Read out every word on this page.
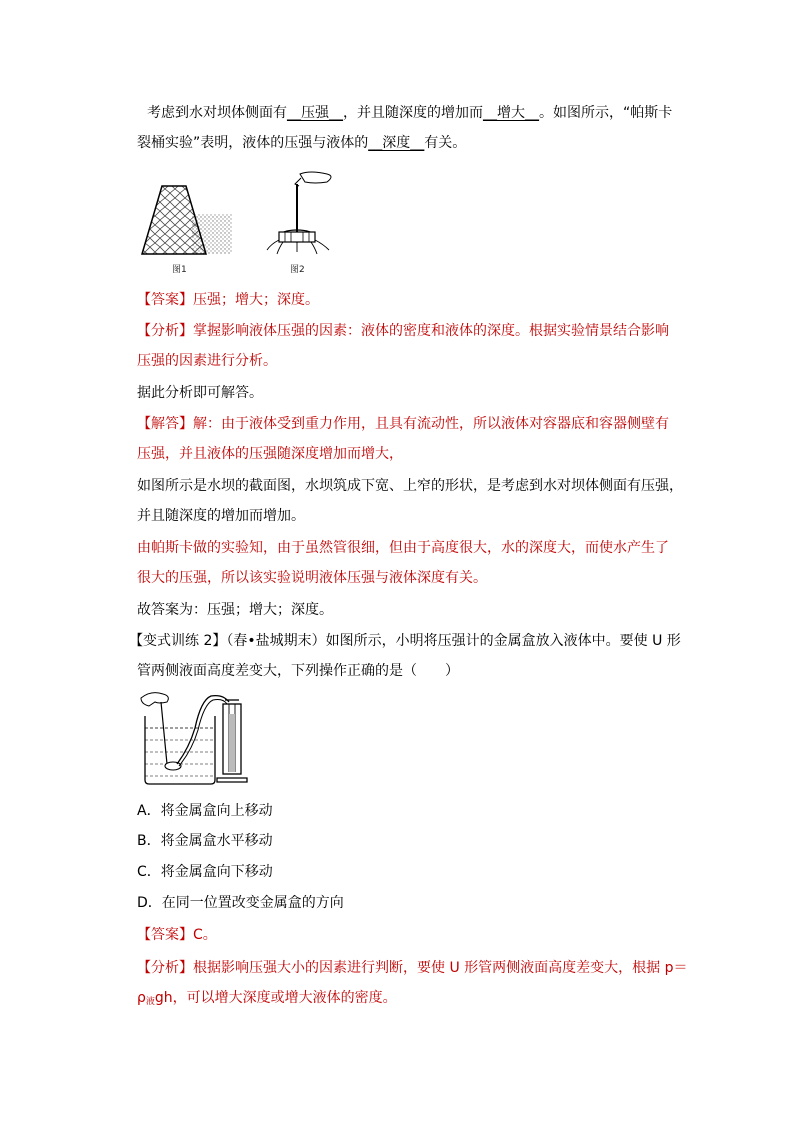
考虑到水对坝体侧面有__压强__，并且随深度的增加而__增大__。如图所示，“帕斯卡
裂桶实验”表明，液体的压强与液体的__深度__有关。
图1	图2
【答案】压强；增大；深度。
【分析】掌握影响液体压强的因素：液体的密度和液体的深度。根据实验情景结合影响
压强的因素进行分析。
据此分析即可解答。
【解答】解：由于液体受到重力作用，且具有流动性，所以液体对容器底和容器侧壁有
压强，并且液体的压强随深度增加而增大，
如图所示是水坝的截面图，水坝筑成下宽、上窄的形状，是考虑到水对坝体侧面有压强，
并且随深度的增加而增加。
由帕斯卡做的实验知，由于虽然管很细，但由于高度很大，水的深度大，而使水产生了
很大的压强，所以该实验说明液体压强与液体深度有关。
故答案为：压强；增大；深度。
【变式训练 2】（春•盐城期末）如图所示，小明将压强计的金属盒放入液体中。要使 U 形
管两侧液面高度差变大，下列操作正确的是（　　）
A．将金属盒向上移动
B．将金属盒水平移动
C．将金属盒向下移动
D．在同一位置改变金属盒的方向
【答案】C。
【分析】根据影响压强大小的因素进行判断，要使 U 形管两侧液面高度差变大，根据 p＝
$\rho_液gh$，可以增大深度或增大液体的密度。
